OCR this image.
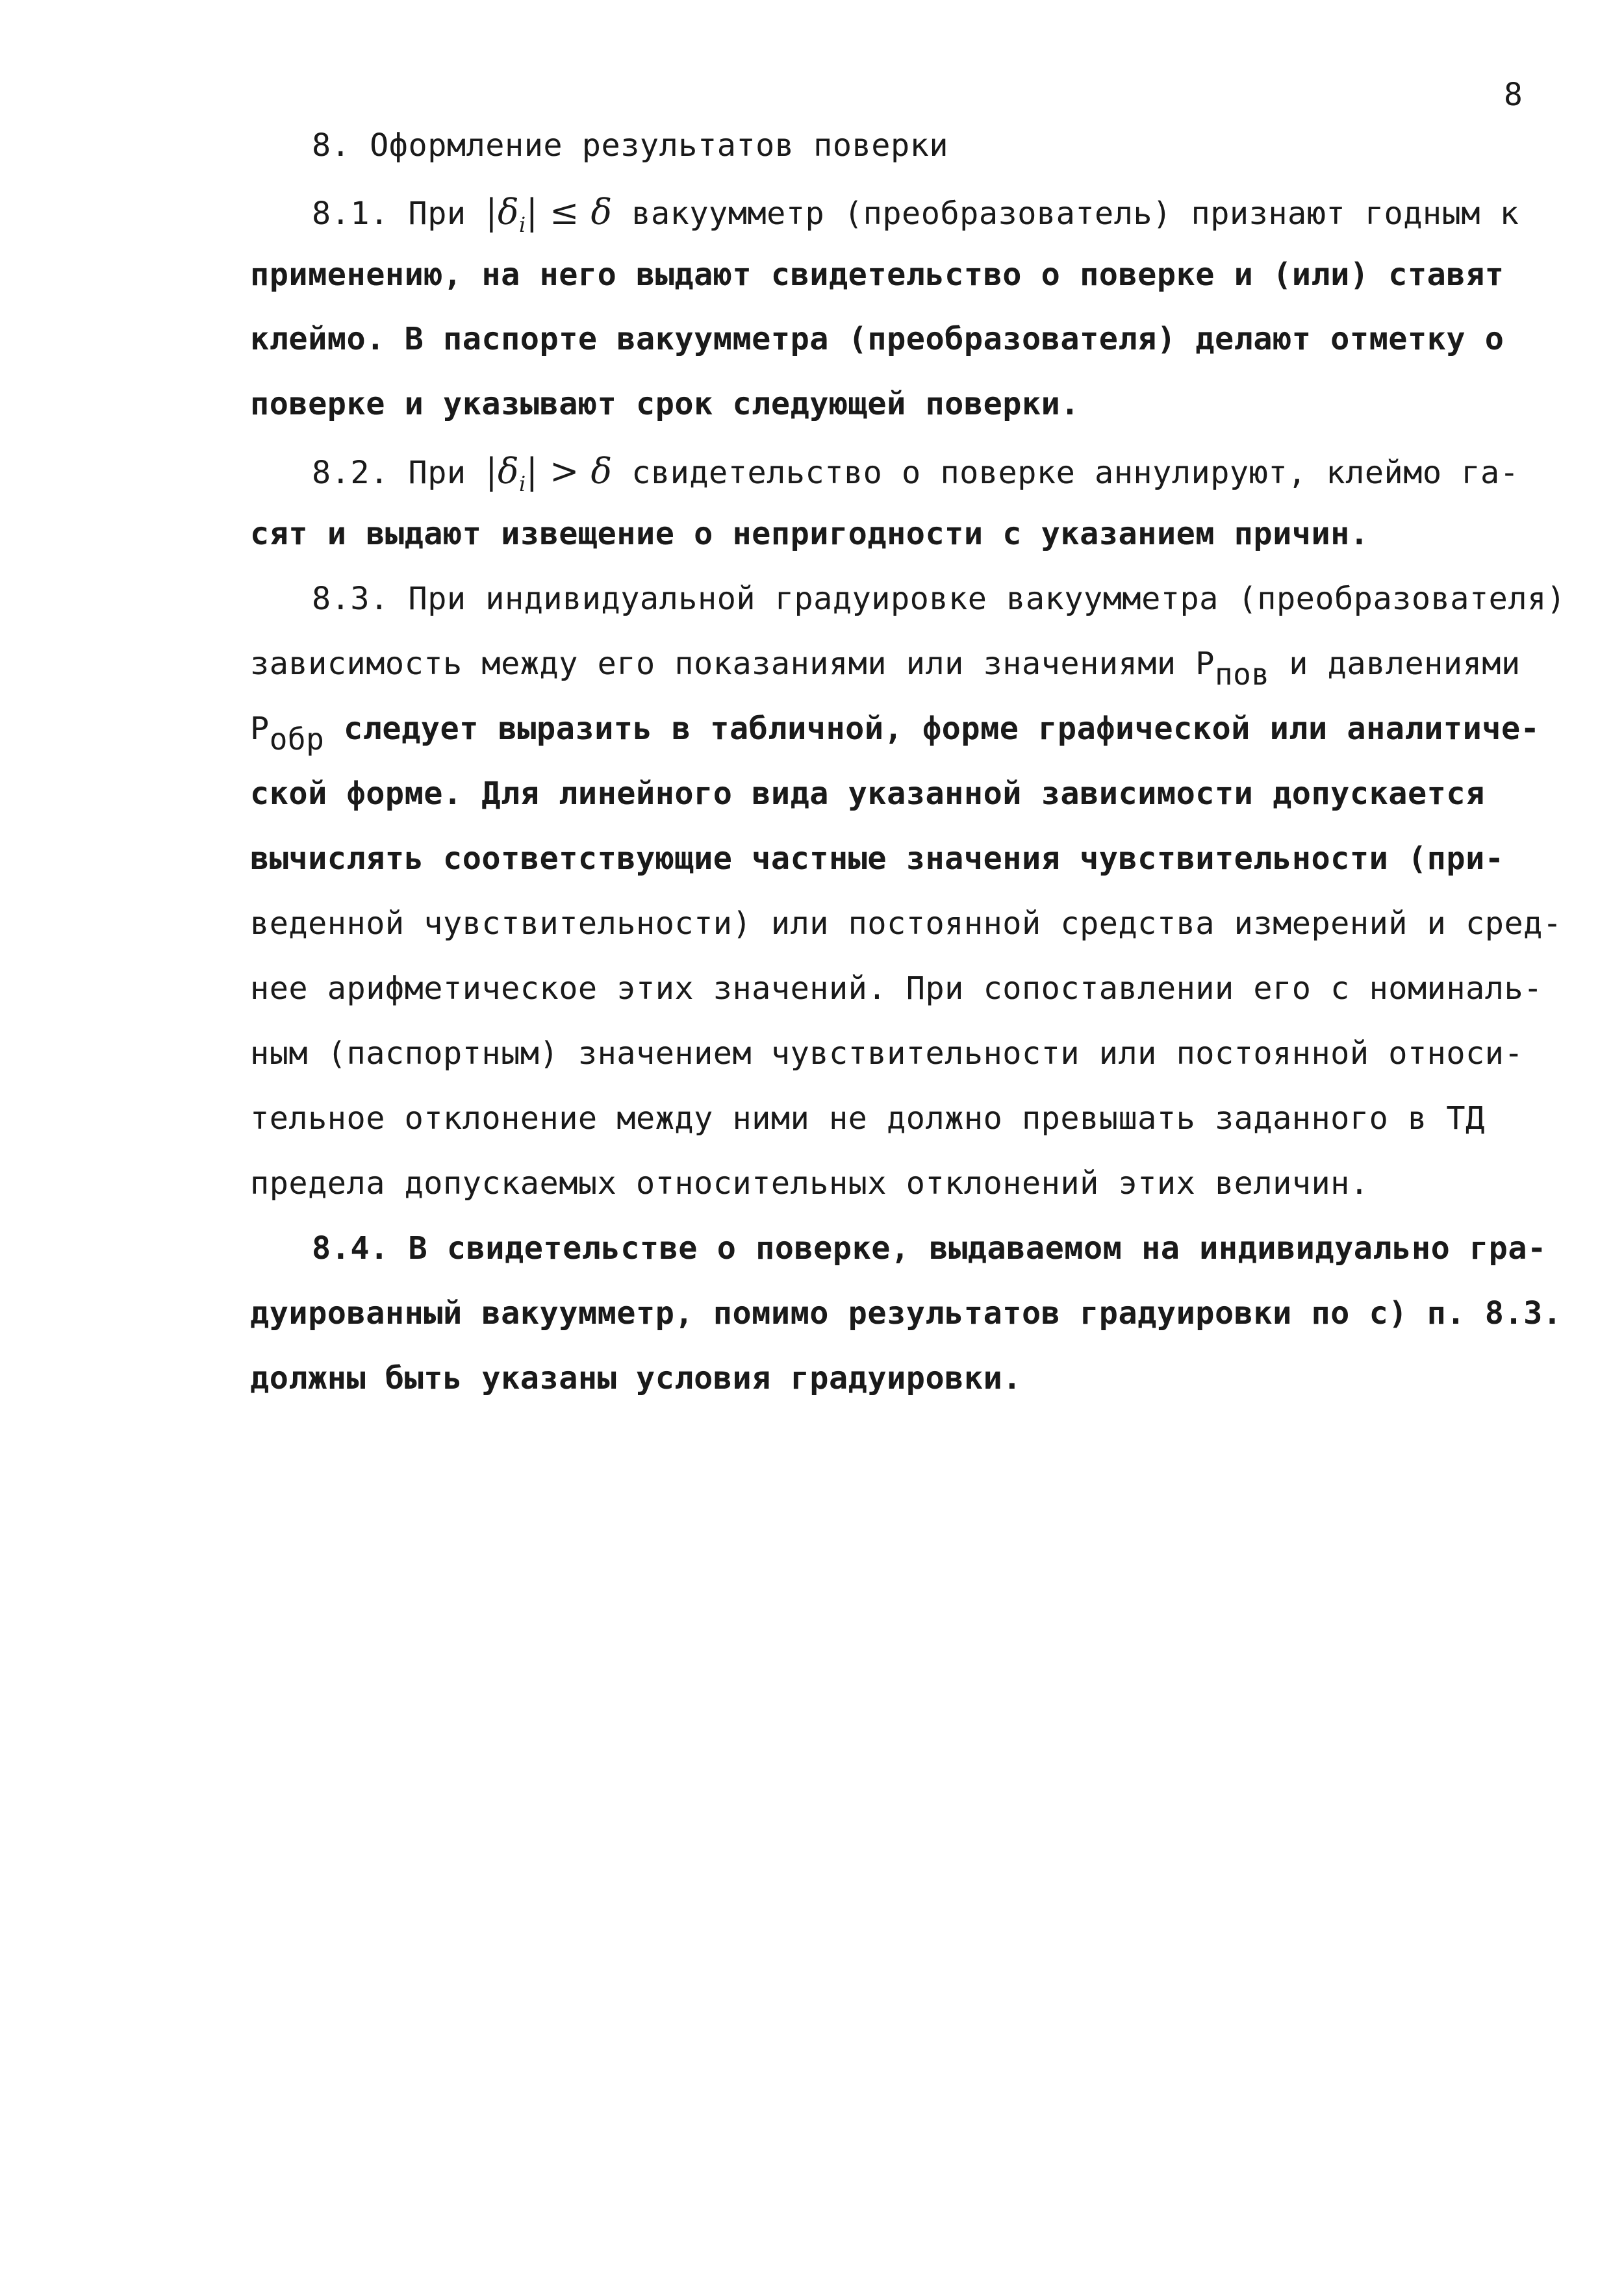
8
8. Оформление результатов поверки
8.1. При $|\delta_i| \le \delta$ вакуумметр (преобразователь) признают годным к
применению, на него выдают свидетельство о поверке и (или) ставят
клеймо. В паспорте вакуумметра (преобразователя) делают отметку о
поверке и указывают срок следующей поверки.
8.2. При $|\delta_i| > \delta$ свидетельство о поверке аннулируют, клеймо га-
сят и выдают извещение о непригодности с указанием причин.
8.3. При индивидуальной градуировке вакуумметра (преобразователя)
зависимость между его показаниями или значениями Рпов и давлениями
Робр следует выразить в табличной, форме графической или аналитиче-
ской форме. Для линейного вида указанной зависимости допускается
вычислять соответствующие частные значения чувствительности (при-
веденной чувствительности) или постоянной средства измерений и сред-
нее арифметическое этих значений. При сопоставлении его с номиналь-
ным (паспортным) значением чувствительности или постоянной относи-
тельное отклонение между ними не должно превышать заданного в ТД
предела допускаемых относительных отклонений этих величин.
8.4. В свидетельстве о поверке, выдаваемом на индивидуально гра-
дуированный вакуумметр, помимо результатов градуировки по с) п. 8.3.
должны быть указаны условия градуировки.
